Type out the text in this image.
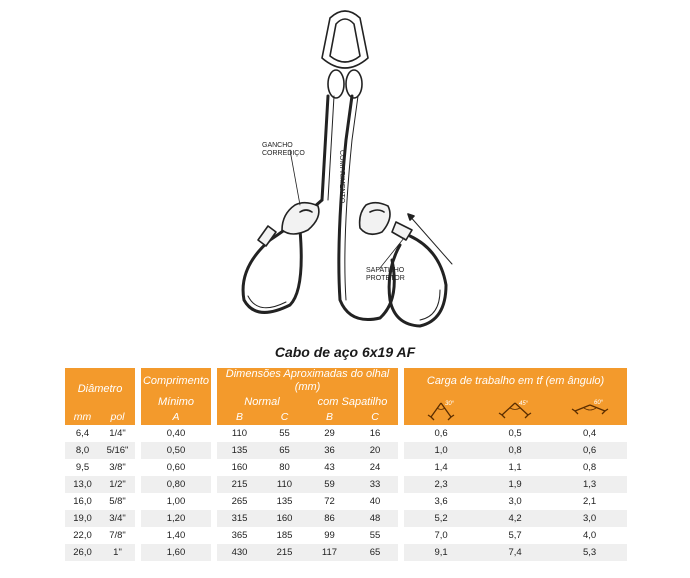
GANCHO
CORREDIÇO	COMPRIMENTO
SAPATILHO
PROTETOR
Cabo de aço 6x19 AF
Diâmetro			Comprimento		Dimensões Aproximadas do olhal (mm)					Carga de trabalho em tf (em ângulo)		
			Mínimo		Normal		com Sapatilho			30°	45°	60°

mm	pol		A		B	C	B	C				
6,4	1/4"		0,40		110	55	29	16		0,6	0,5	0,4
8,0	5/16"		0,50		135	65	36	20		1,0	0,8	0,6
9,5	3/8"		0,60		160	80	43	24		1,4	1,1	0,8
13,0	1/2"		0,80		215	110	59	33		2,3	1,9	1,3
16,0	5/8"		1,00		265	135	72	40		3,6	3,0	2,1
19,0	3/4"		1,20		315	160	86	48		5,2	4,2	3,0
22,0	7/8"		1,40		365	185	99	55		7,0	5,7	4,0
26,0	1"		1,60		430	215	117	65		9,1	7,4	5,3
